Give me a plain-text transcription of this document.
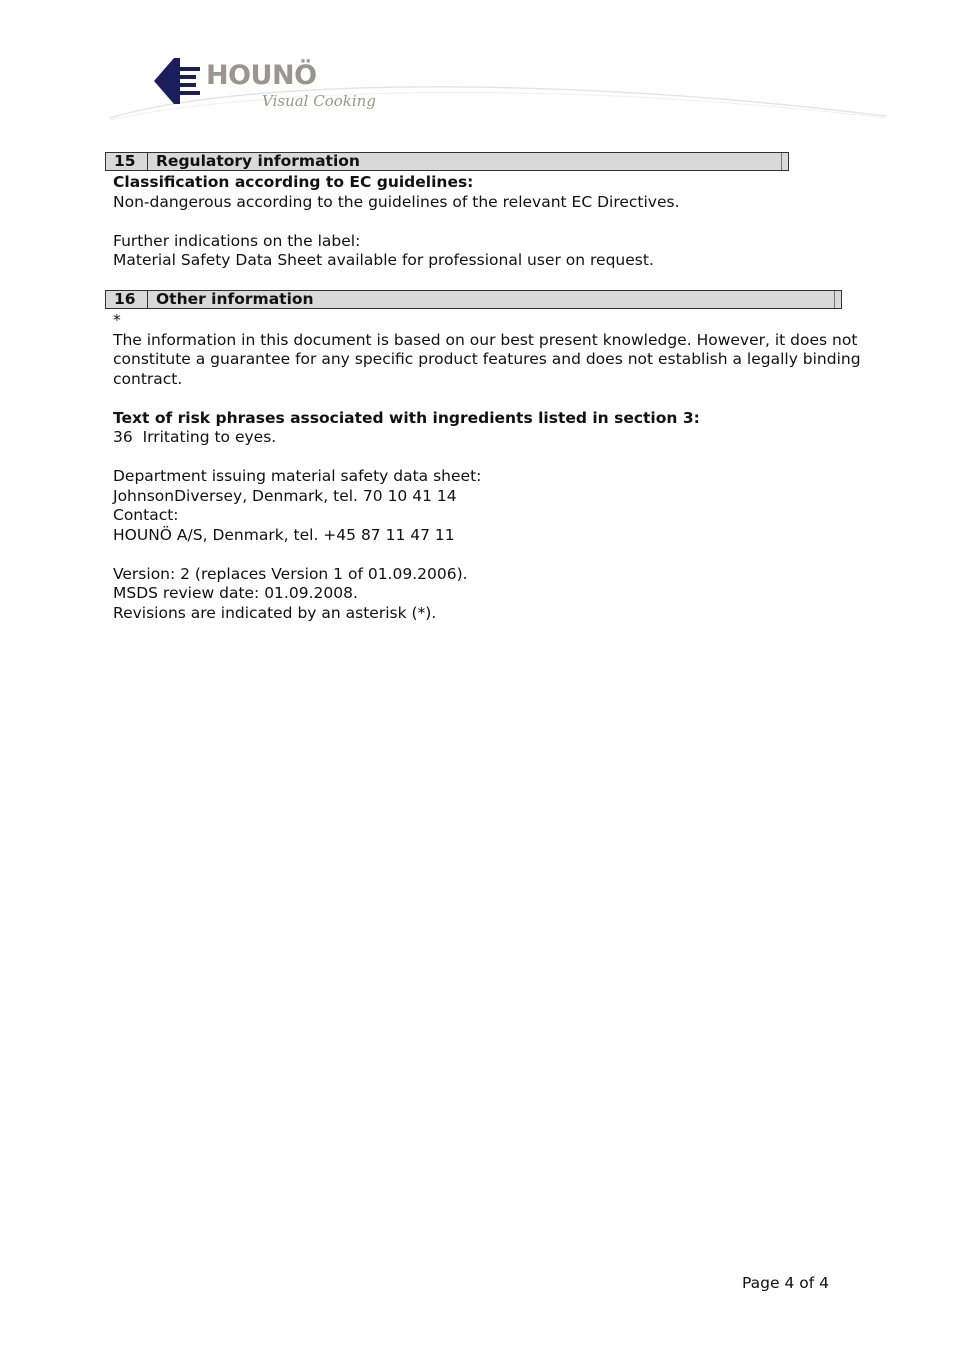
HOUNÖ
Visual Cooking
15	Regulatory information
Classification according to EC guidelines:
Non-dangerous according to the guidelines of the relevant EC Directives.
Further indications on the label:
Material Safety Data Sheet available for professional user on request.
16	Other information
*
The information in this document is based on our best present knowledge. However, it does not constitute a guarantee for any specific product features and does not establish a legally binding contract.
Text of risk phrases associated with ingredients listed in section 3:
36  Irritating to eyes.
Department issuing material safety data sheet:
JohnsonDiversey, Denmark, tel. 70 10 41 14
Contact:
HOUNÖ A/S, Denmark, tel. +45 87 11 47 11
Version: 2 (replaces Version 1 of 01.09.2006).
MSDS review date: 01.09.2008.
Revisions are indicated by an asterisk (*).
Page 4 of 4
